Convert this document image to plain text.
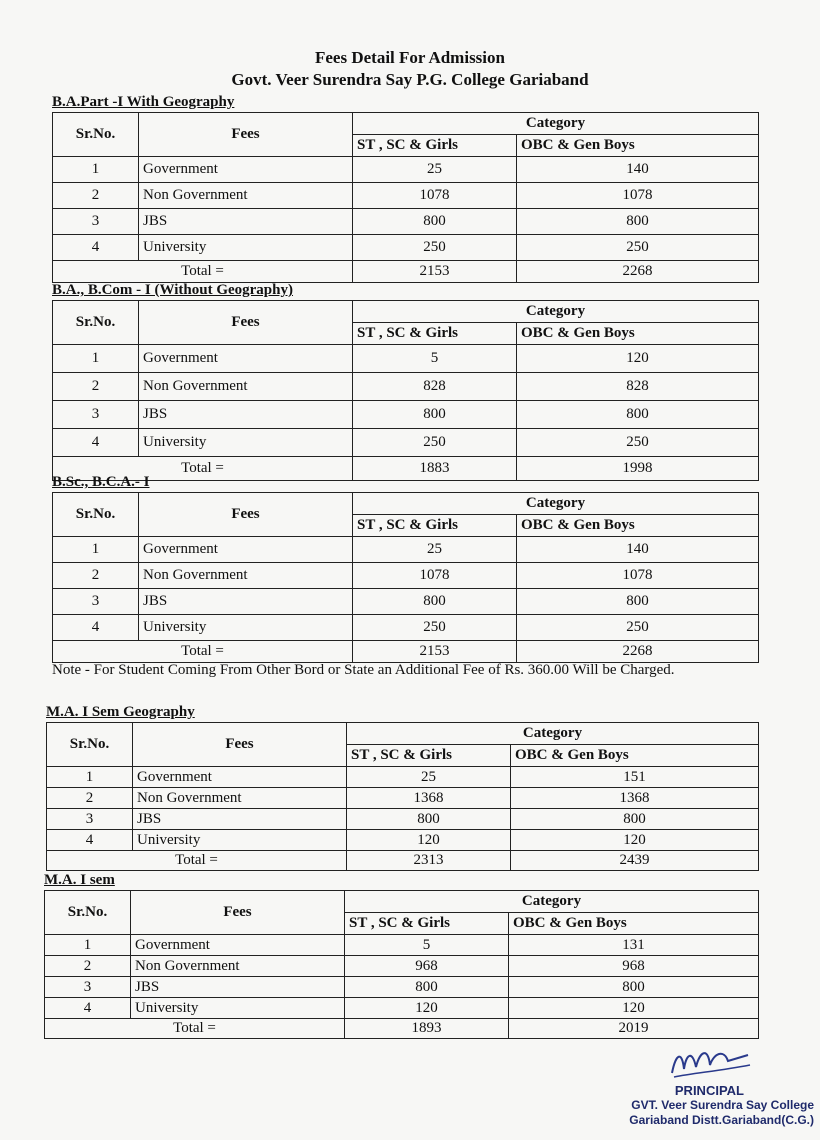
Fees Detail For Admission
Govt. Veer Surendra Say P.G. College Gariaband
B.A.Part -I With Geography
Sr.No.	Fees	Category	
		ST , SC & Girls	OBC & Gen Boys
1	Government	25	140
2	Non Government	1078	1078
3	JBS	800	800
4	University	250	250
Total =		2153	2268
B.A., B.Com - I (Without Geography)
Sr.No.	Fees	Category	
		ST , SC & Girls	OBC & Gen Boys
1	Government	5	120
2	Non Government	828	828
3	JBS	800	800
4	University	250	250
Total =		1883	1998
B.Sc., B.C.A.- I
Sr.No.	Fees	Category	
		ST , SC & Girls	OBC & Gen Boys
1	Government	25	140
2	Non Government	1078	1078
3	JBS	800	800
4	University	250	250
Total =		2153	2268
M.A. I Sem Geography
Sr.No.	Fees	Category	
		ST , SC & Girls	OBC & Gen Boys
1	Government	25	151
2	Non Government	1368	1368
3	JBS	800	800
4	University	120	120
Total =		2313	2439
M.A. I sem
Sr.No.	Fees	Category	
		ST , SC & Girls	OBC & Gen Boys
1	Government	5	131
2	Non Government	968	968
3	JBS	800	800
4	University	120	120
Total =		1893	2019
Note - For Student Coming From Other Bord or State an Additional Fee of Rs. 360.00 Will be Charged.
PRINCIPAL
GVT. Veer Surendra Say College
Gariaband Distt.Gariaband(C.G.)
